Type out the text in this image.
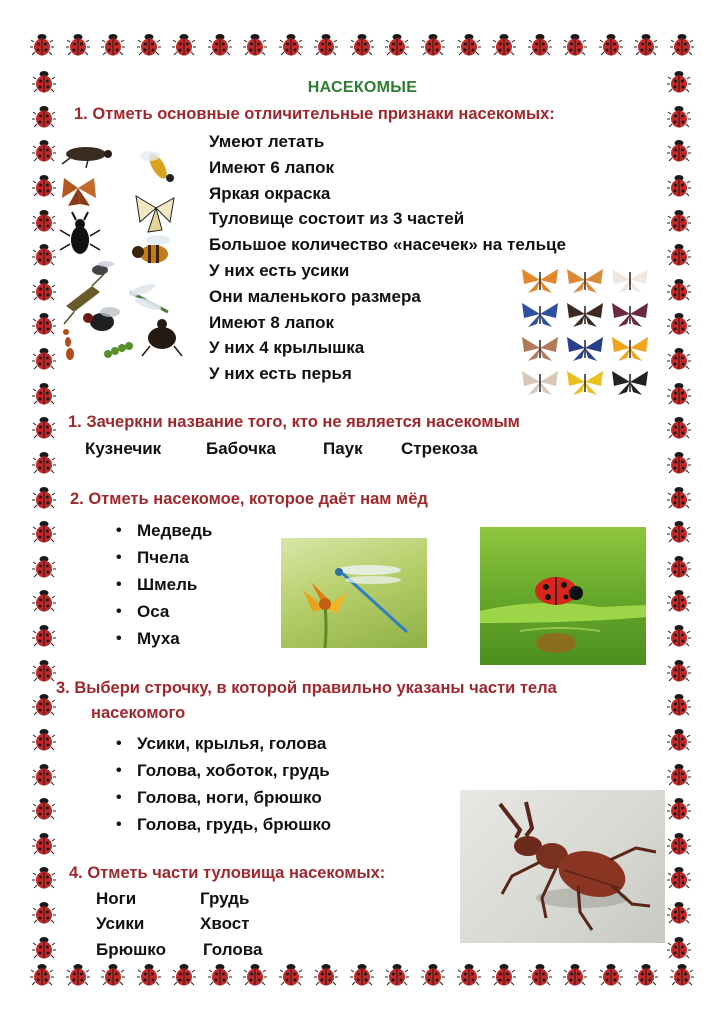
НАСЕКОМЫЕ
1. Отметь основные отличительные признаки насекомых:
Умеют летать
Имеют 6 лапок
Яркая окраска
Туловище состоит из 3 частей
Большое количество «насечек» на тельце
У них есть усики
Они маленького размера
Имеют 8 лапок
У них 4 крылышка
У них есть перья
1. Зачеркни название того, кто не является насекомым
Кузнечик	Бабочка	Паук Стрекоза
2. Отметь насекомое, которое даёт нам мёд
• Медведь
• Пчела
• Шмель
• Оса
• Муха
3. Выбери строчку, в которой правильно указаны части тела
насекомого
• Усики, крылья, голова
• Голова, хоботок, грудь
• Голова, ноги, брюшко
• Голова, грудь, брюшко
4. Отметь части туловища насекомых:
Ноги	Грудь
Усики	Хвост
Брюшко Голова
